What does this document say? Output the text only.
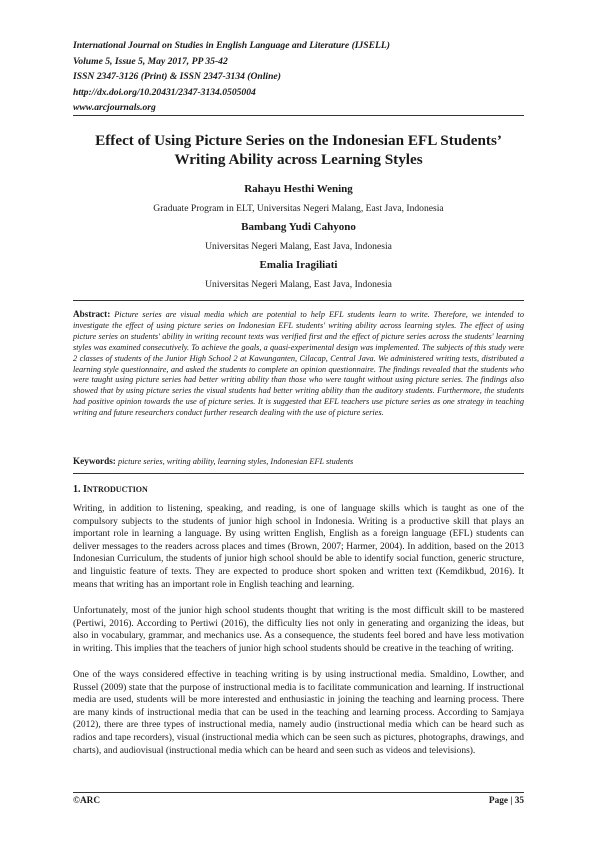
International Journal on Studies in English Language and Literature (IJSELL)
Volume 5, Issue 5, May 2017, PP 35-42
ISSN 2347-3126 (Print) & ISSN 2347-3134 (Online)
http://dx.doi.org/10.20431/2347-3134.0505004
www.arcjournals.org
Effect of Using Picture Series on the Indonesian EFL Students’
Writing Ability across Learning Styles
Rahayu Hesthi Wening
Graduate Program in ELT, Universitas Negeri Malang, East Java, Indonesia
Bambang Yudi Cahyono
Universitas Negeri Malang, East Java, Indonesia
Emalia Iragiliati
Universitas Negeri Malang, East Java, Indonesia
Abstract: Picture series are visual media which are potential to help EFL students learn to write. Therefore, we intended to investigate the effect of using picture series on Indonesian EFL students' writing ability across learning styles. The effect of using picture series on students' ability in writing recount texts was verified first and the effect of picture series across the students' learning styles was examined consecutively. To achieve the goals, a quasi-experimental design was implemented. The subjects of this study were 2 classes of students of the Junior High School 2 at Kawunganten, Cilacap, Central Java. We administered writing tests, distributed a learning style questionnaire, and asked the students to complete an opinion questionnaire. The findings revealed that the students who were taught using picture series had better writing ability than those who were taught without using picture series. The findings also showed that by using picture series the visual students had better writing ability than the auditory students. Furthermore, the students had positive opinion towards the use of picture series. It is suggested that EFL teachers use picture series as one strategy in teaching writing and future researchers conduct further research dealing with the use of picture series.
Keywords: picture series, writing ability, learning styles, Indonesian EFL students
1. INTRODUCTION
Writing, in addition to listening, speaking, and reading, is one of language skills which is taught as one of the compulsory subjects to the students of junior high school in Indonesia. Writing is a productive skill that plays an important role in learning a language. By using written English, English as a foreign language (EFL) students can deliver messages to the readers across places and times (Brown, 2007; Harmer, 2004). In addition, based on the 2013 Indonesian Curriculum, the students of junior high school should be able to identify social function, generic structure, and linguistic feature of texts. They are expected to produce short spoken and written text (Kemdikbud, 2016). It means that writing has an important role in English teaching and learning.
Unfortunately, most of the junior high school students thought that writing is the most difficult skill to be mastered (Pertiwi, 2016). According to Pertiwi (2016), the difficulty lies not only in generating and organizing the ideas, but also in vocabulary, grammar, and mechanics use. As a consequence, the students feel bored and have less motivation in writing. This implies that the teachers of junior high school students should be creative in the teaching of writing.
One of the ways considered effective in teaching writing is by using instructional media. Smaldino, Lowther, and Russel (2009) state that the purpose of instructional media is to facilitate communication and learning. If instructional media are used, students will be more interested and enthusiastic in joining the teaching and learning process. There are many kinds of instructional media that can be used in the teaching and learning process. According to Samjaya (2012), there are three types of instructional media, namely audio (instructional media which can be heard such as radios and tape recorders), visual (instructional media which can be seen such as pictures, photographs, drawings, and charts), and audiovisual (instructional media which can be heard and seen such as videos and televisions).
©ARC	Page | 35
